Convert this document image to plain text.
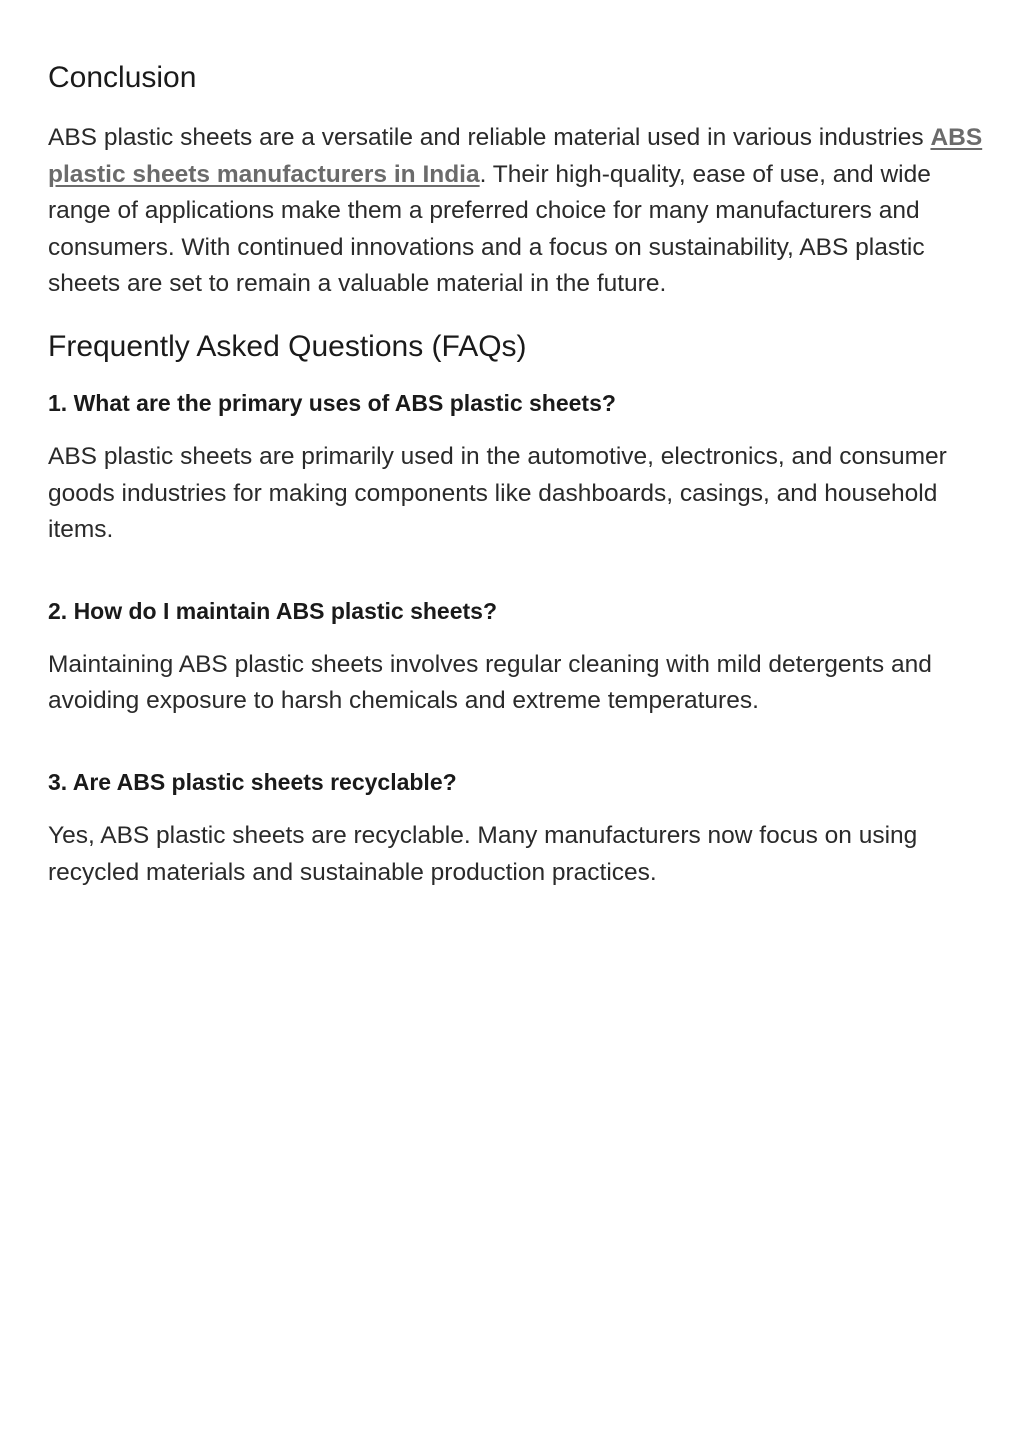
Conclusion

ABS plastic sheets are a versatile and reliable material used in various industries ABS plastic sheets manufacturers in India. Their high-quality, ease of use, and wide range of applications make them a preferred choice for many manufacturers and consumers. With continued innovations and a focus on sustainability, ABS plastic sheets are set to remain a valuable material in the future.

Frequently Asked Questions (FAQs)
1. What are the primary uses of ABS plastic sheets?

ABS plastic sheets are primarily used in the automotive, electronics, and consumer goods industries for making components like dashboards, casings, and household items.

2. How do I maintain ABS plastic sheets?

Maintaining ABS plastic sheets involves regular cleaning with mild detergents and avoiding exposure to harsh chemicals and extreme temperatures.

3. Are ABS plastic sheets recyclable?

Yes, ABS plastic sheets are recyclable. Many manufacturers now focus on using recycled materials and sustainable production practices.
